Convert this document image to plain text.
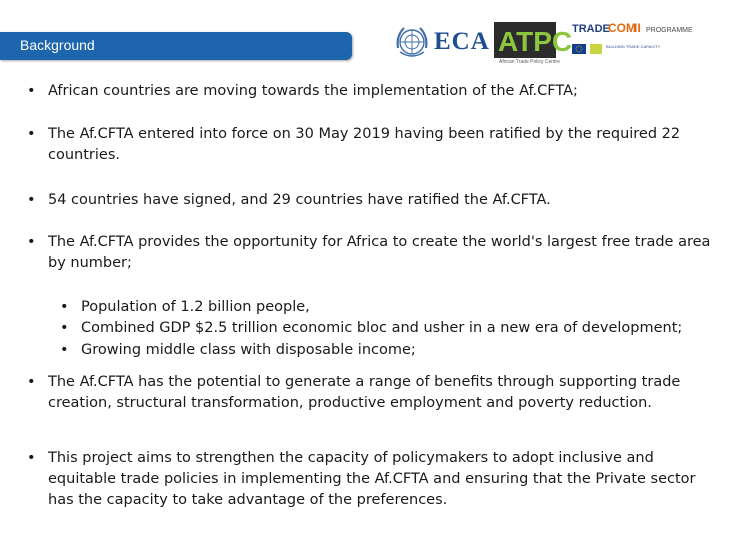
Background	ECA ATPC
African Trade Policy Centre
TRADE
COM
II PROGRAMME
BUILDING TRADE CAPACITY
• African countries are moving towards the implementation of the Af.CFTA;
• The Af.CFTA entered into force on 30 May 2019 having been ratified by the required 22 countries.
• 54 countries have signed, and 29 countries have ratified the Af.CFTA.
• The Af.CFTA provides the opportunity for Africa to create the world's largest free trade area by number;
• Population of 1.2 billion people,
• Combined GDP $2.5 trillion economic bloc and usher in a new era of development;
• Growing middle class with disposable income;
• The Af.CFTA has the potential to generate a range of benefits through supporting trade creation, structural transformation, productive employment and poverty reduction.
• This project aims to strengthen the capacity of policymakers to adopt inclusive and equitable trade policies in implementing the Af.CFTA and ensuring that the Private sector has the capacity to take advantage of the preferences.
